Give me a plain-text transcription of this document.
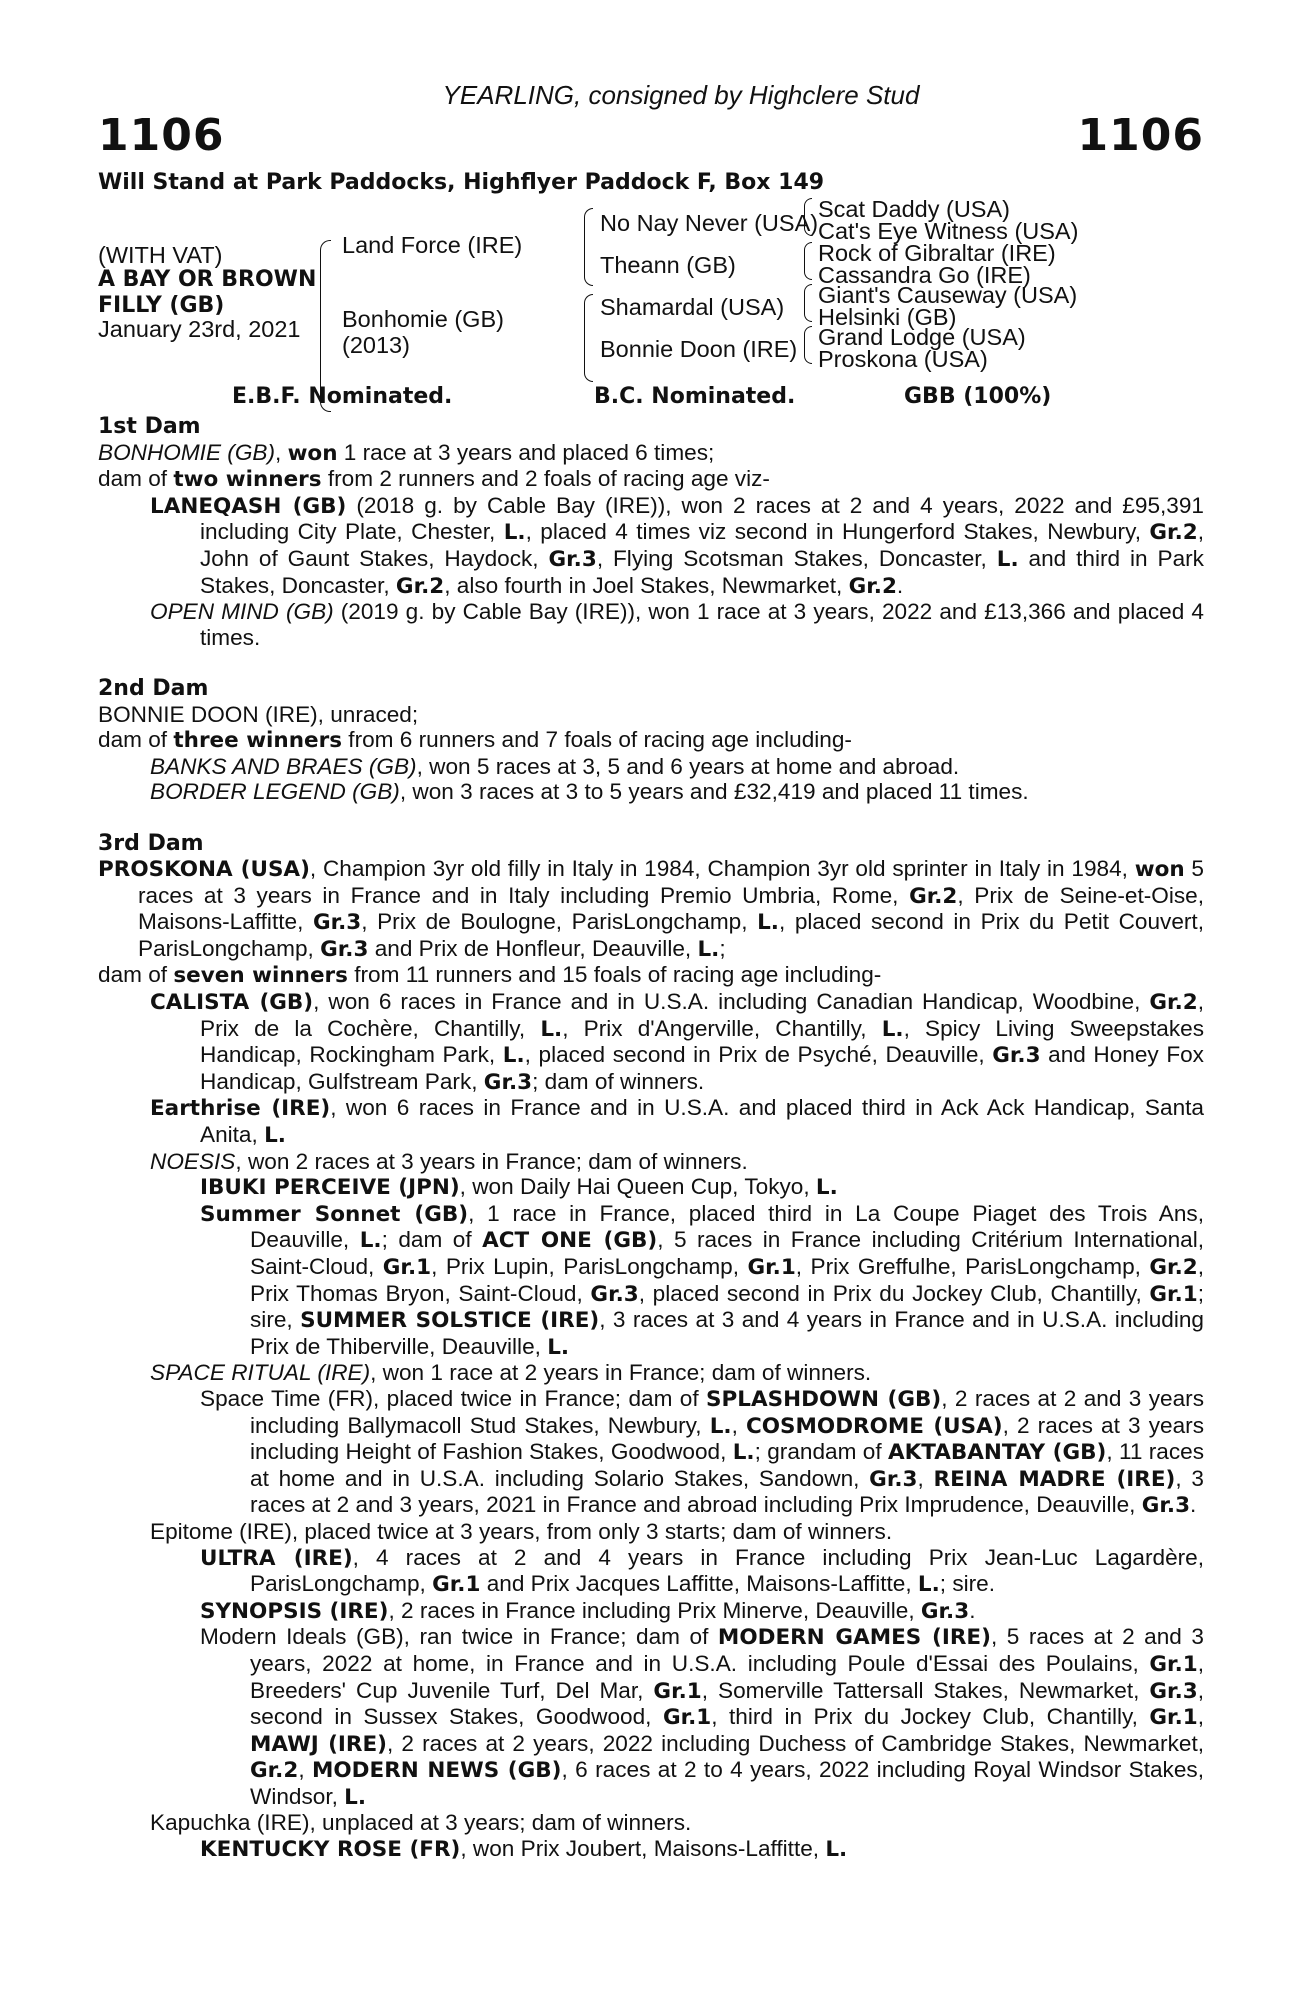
YEARLING, consigned by Highclere Stud
1106	1106
Will Stand at Park Paddocks, Highflyer Paddock F, Box 149
(WITH VAT)
A BAY OR BROWN
FILLY (GB)
January 23rd, 2021
Land Force (IRE)
Bonhomie (GB)
(2013)
No Nay Never (USA)
Theann (GB)
Shamardal (USA)
Bonnie Doon (IRE)
Scat Daddy (USA)
Cat's Eye Witness (USA)
Rock of Gibraltar (IRE)
Cassandra Go (IRE)
Giant's Causeway (USA)
Helsinki (GB)
Grand Lodge (USA)
Proskona (USA)
E.B.F. Nominated.	B.C. Nominated.	GBB (100%)
1st Dam
BONHOMIE (GB), won 1 race at 3 years and placed 6 times;
dam of two winners from 2 runners and 2 foals of racing age viz-
LANEQASH (GB) (2018 g. by Cable Bay (IRE)), won 2 races at 2 and 4 years, 2022 and £95,391 including City Plate, Chester, L., placed 4 times viz second in Hungerford Stakes, Newbury, Gr.2, John of Gaunt Stakes, Haydock, Gr.3, Flying Scotsman Stakes, Doncaster, L. and third in Park Stakes, Doncaster, Gr.2, also fourth in Joel Stakes, Newmarket, Gr.2.
OPEN MIND (GB) (2019 g. by Cable Bay (IRE)), won 1 race at 3 years, 2022 and £13,366 and placed 4 times.
2nd Dam
BONNIE DOON (IRE), unraced;
dam of three winners from 6 runners and 7 foals of racing age including-
BANKS AND BRAES (GB), won 5 races at 3, 5 and 6 years at home and abroad.
BORDER LEGEND (GB), won 3 races at 3 to 5 years and £32,419 and placed 11 times.
3rd Dam
PROSKONA (USA), Champion 3yr old filly in Italy in 1984, Champion 3yr old sprinter in Italy in 1984, won 5 races at 3 years in France and in Italy including Premio Umbria, Rome, Gr.2, Prix de Seine-et-Oise, Maisons-Laffitte, Gr.3, Prix de Boulogne, ParisLongchamp, L., placed second in Prix du Petit Couvert, ParisLongchamp, Gr.3 and Prix de Honfleur, Deauville, L.;
dam of seven winners from 11 runners and 15 foals of racing age including-
CALISTA (GB), won 6 races in France and in U.S.A. including Canadian Handicap, Woodbine, Gr.2, Prix de la Cochère, Chantilly, L., Prix d'Angerville, Chantilly, L., Spicy Living Sweepstakes Handicap, Rockingham Park, L., placed second in Prix de Psyché, Deauville, Gr.3 and Honey Fox Handicap, Gulfstream Park, Gr.3; dam of winners.
Earthrise (IRE), won 6 races in France and in U.S.A. and placed third in Ack Ack Handicap, Santa Anita, L.
NOESIS, won 2 races at 3 years in France; dam of winners.
IBUKI PERCEIVE (JPN), won Daily Hai Queen Cup, Tokyo, L.
Summer Sonnet (GB), 1 race in France, placed third in La Coupe Piaget des Trois Ans, Deauville, L.; dam of ACT ONE (GB), 5 races in France including Critérium International, Saint-Cloud, Gr.1, Prix Lupin, ParisLongchamp, Gr.1, Prix Greffulhe, ParisLongchamp, Gr.2, Prix Thomas Bryon, Saint-Cloud, Gr.3, placed second in Prix du Jockey Club, Chantilly, Gr.1; sire, SUMMER SOLSTICE (IRE), 3 races at 3 and 4 years in France and in U.S.A. including Prix de Thiberville, Deauville, L.
SPACE RITUAL (IRE), won 1 race at 2 years in France; dam of winners.
Space Time (FR), placed twice in France; dam of SPLASHDOWN (GB), 2 races at 2 and 3 years including Ballymacoll Stud Stakes, Newbury, L., COSMODROME (USA), 2 races at 3 years including Height of Fashion Stakes, Goodwood, L.; grandam of AKTABANTAY (GB), 11 races at home and in U.S.A. including Solario Stakes, Sandown, Gr.3, REINA MADRE (IRE), 3 races at 2 and 3 years, 2021 in France and abroad including Prix Imprudence, Deauville, Gr.3.
Epitome (IRE), placed twice at 3 years, from only 3 starts; dam of winners.
ULTRA (IRE), 4 races at 2 and 4 years in France including Prix Jean-Luc Lagardère, ParisLongchamp, Gr.1 and Prix Jacques Laffitte, Maisons-Laffitte, L.; sire.
SYNOPSIS (IRE), 2 races in France including Prix Minerve, Deauville, Gr.3.
Modern Ideals (GB), ran twice in France; dam of MODERN GAMES (IRE), 5 races at 2 and 3 years, 2022 at home, in France and in U.S.A. including Poule d'Essai des Poulains, Gr.1, Breeders' Cup Juvenile Turf, Del Mar, Gr.1, Somerville Tattersall Stakes, Newmarket, Gr.3, second in Sussex Stakes, Goodwood, Gr.1, third in Prix du Jockey Club, Chantilly, Gr.1, MAWJ (IRE), 2 races at 2 years, 2022 including Duchess of Cambridge Stakes, Newmarket, Gr.2, MODERN NEWS (GB), 6 races at 2 to 4 years, 2022 including Royal Windsor Stakes, Windsor, L.
Kapuchka (IRE), unplaced at 3 years; dam of winners.
KENTUCKY ROSE (FR), won Prix Joubert, Maisons-Laffitte, L.
